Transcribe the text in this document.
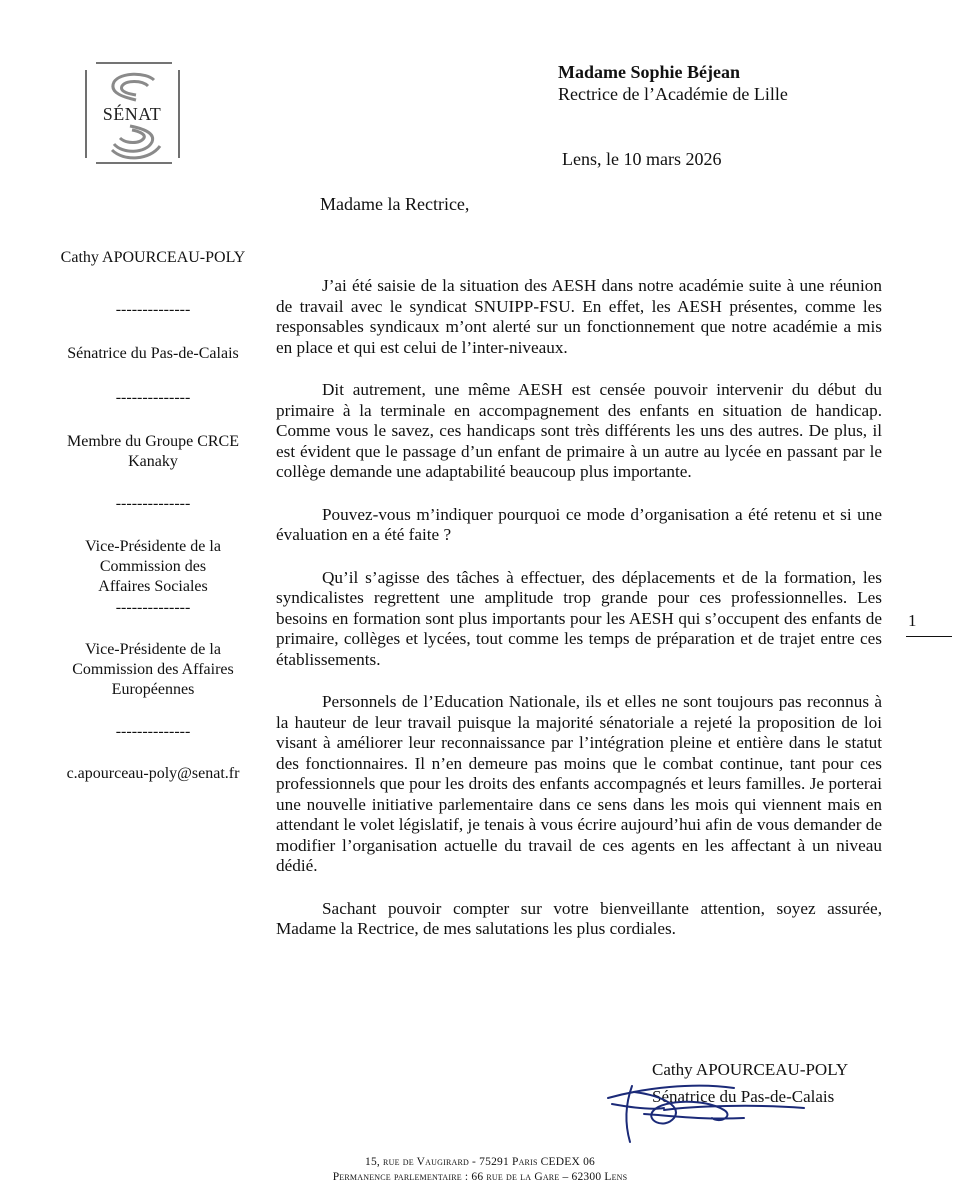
SÉNAT
Madame Sophie Béjean
Rectrice de l’Académie de Lille
Lens, le 10 mars 2026
Madame la Rectrice,
Cathy APOURCEAU-POLY
--------------
Sénatrice du Pas-de-Calais
--------------
Membre du Groupe CRCE
Kanaky
--------------
Vice-Présidente de la
Commission des
Affaires Sociales
--------------
Vice-Présidente de la
Commission des Affaires
Européennes
--------------
c.apourceau-poly@senat.fr

J’ai été saisie de la situation des AESH dans notre académie suite à une réunion de travail avec le syndicat SNUIPP-FSU. En effet, les AESH présentes, comme les responsables syndicaux m’ont alerté sur un fonctionnement que notre académie a mis en place et qui est celui de l’inter-niveaux.

Dit autrement, une même AESH est censée pouvoir intervenir du début du primaire à la terminale en accompagnement des enfants en situation de handicap. Comme vous le savez, ces handicaps sont très différents les uns des autres. De plus, il est évident que le passage d’un enfant de primaire à un autre au lycée en passant par le collège demande une adaptabilité beaucoup plus importante.

Pouvez-vous m’indiquer pourquoi ce mode d’organisation a été retenu et si une évaluation en a été faite ?

Qu’il s’agisse des tâches à effectuer, des déplacements et de la formation, les syndicalistes regrettent une amplitude trop grande pour ces professionnelles. Les besoins en formation sont plus importants pour les AESH qui s’occupent des enfants de primaire, collèges et lycées, tout comme les temps de préparation et de trajet entre ces établissements.

Personnels de l’Education Nationale, ils et elles ne sont toujours pas reconnus à la hauteur de leur travail puisque la majorité sénatoriale a rejeté la proposition de loi visant à améliorer leur reconnaissance par l’intégration pleine et entière dans le statut des fonctionnaires. Il n’en demeure pas moins que le combat continue, tant pour ces professionnels que pour les droits des enfants accompagnés et leurs familles. Je porterai une nouvelle initiative parlementaire dans ce sens dans les mois qui viennent mais en attendant le volet législatif, je tenais à vous écrire aujourd’hui afin de vous demander de modifier l’organisation actuelle du travail de ces agents en les affectant à un niveau dédié.

Sachant pouvoir compter sur votre bienveillante attention, soyez assurée, Madame la Rectrice, de mes salutations les plus cordiales.

1
Cathy APOURCEAU-POLY
Sénatrice du Pas-de-Calais
15, rue de Vaugirard - 75291 Paris CEDEX 06
Permanence parlementaire : 66 rue de la Gare – 62300 Lens
